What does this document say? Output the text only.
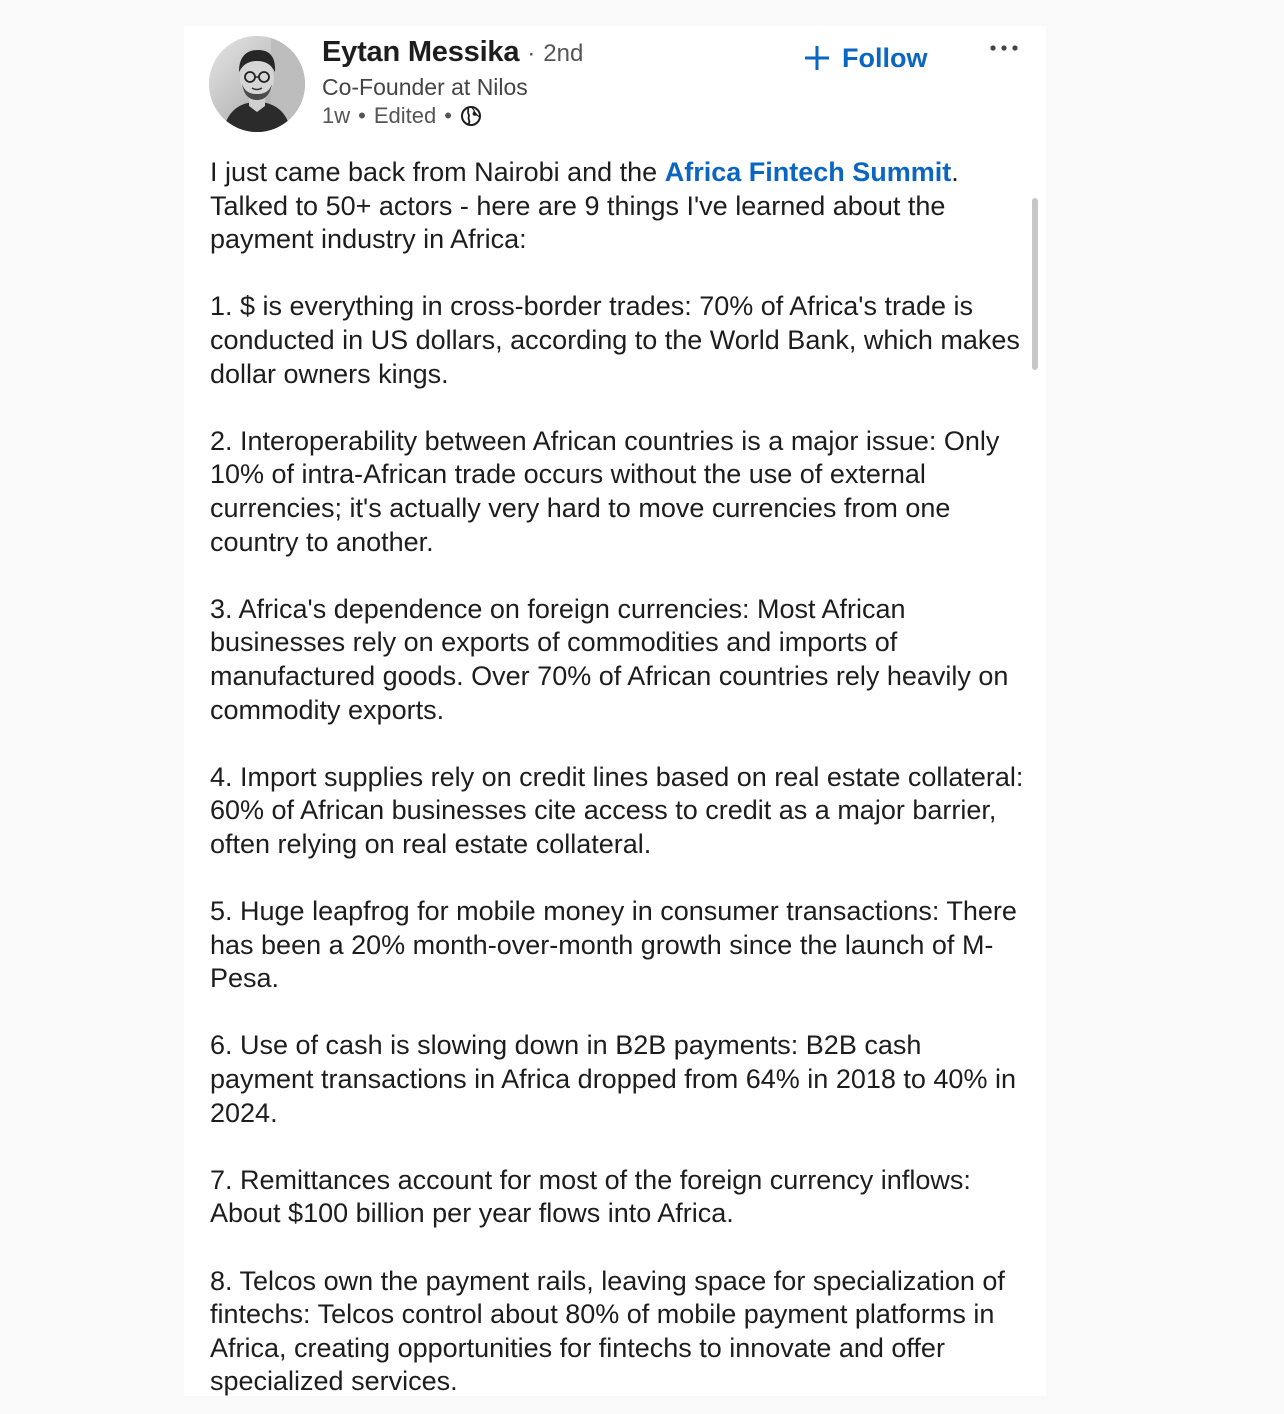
Eytan Messika · 2nd
Co-Founder at Nilos
1w • Edited •
Follow

I just came back from Nairobi and the Africa Fintech Summit. Talked to 50+ actors - here are 9 things I've learned about the payment industry in Africa:

1. $ is everything in cross-border trades: 70% of Africa's trade is conducted in US dollars, according to the World Bank, which makes dollar owners kings.

2. Interoperability between African countries is a major issue: Only 10% of intra-African trade occurs without the use of external currencies; it's actually very hard to move currencies from one country to another.

3. Africa's dependence on foreign currencies: Most African businesses rely on exports of commodities and imports of manufactured goods. Over 70% of African countries rely heavily on commodity exports.

4. Import supplies rely on credit lines based on real estate collateral: 60% of African businesses cite access to credit as a major barrier, often relying on real estate collateral.

5. Huge leapfrog for mobile money in consumer transactions: There has been a 20% month-over-month growth since the launch of M-Pesa.

6. Use of cash is slowing down in B2B payments: B2B cash payment transactions in Africa dropped from 64% in 2018 to 40% in 2024.

7. Remittances account for most of the foreign currency inflows: About $100 billion per year flows into Africa.

8. Telcos own the payment rails, leaving space for specialization of fintechs: Telcos control about 80% of mobile payment platforms in Africa, creating opportunities for fintechs to innovate and offer specialized services.
